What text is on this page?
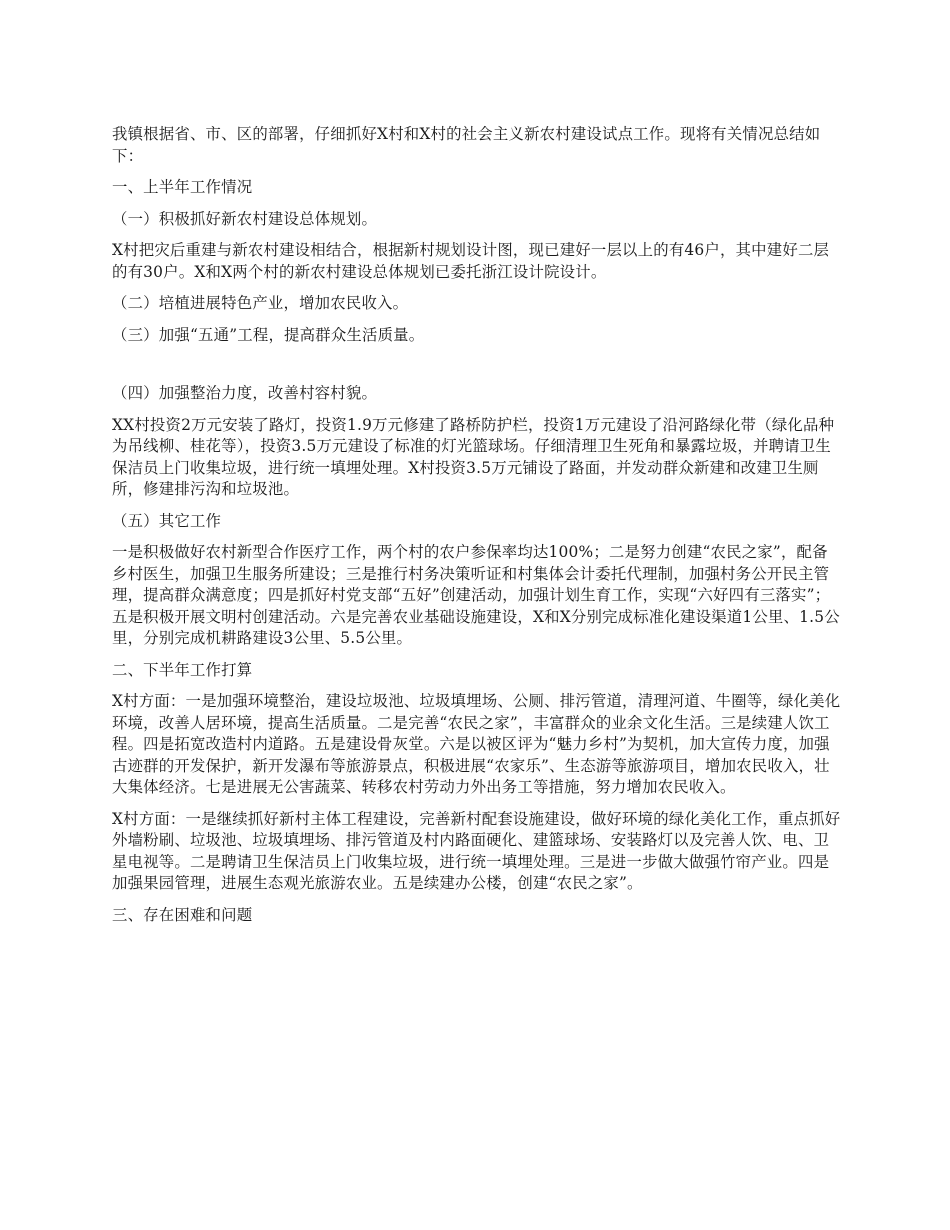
我镇根据省、市、区的部署，仔细抓好X村和X村的社会主义新农村建设试点工作。现将有关情况总结如下：

一、上半年工作情况

（一）积极抓好新农村建设总体规划。

X村把灾后重建与新农村建设相结合，根据新村规划设计图，现已建好一层以上的有46户，其中建好二层的有30户。X和X两个村的新农村建设总体规划已委托浙江设计院设计。

（二）培植进展特色产业，增加农民收入。

（三）加强“五通”工程，提高群众生活质量。

（四）加强整治力度，改善村容村貌。

XX村投资2万元安装了路灯，投资1.9万元修建了路桥防护栏，投资1万元建设了沿河路绿化带（绿化品种为吊线柳、桂花等），投资3.5万元建设了标准的灯光篮球场。仔细清理卫生死角和暴露垃圾，并聘请卫生保洁员上门收集垃圾，进行统一填埋处理。X村投资3.5万元铺设了路面，并发动群众新建和改建卫生厕所，修建排污沟和垃圾池。

（五）其它工作

一是积极做好农村新型合作医疗工作，两个村的农户参保率均达100%；二是努力创建“农民之家”，配备乡村医生，加强卫生服务所建设；三是推行村务决策听证和村集体会计委托代理制，加强村务公开民主管理，提高群众满意度；四是抓好村党支部“五好”创建活动，加强计划生育工作，实现“六好四有三落实”；五是积极开展文明村创建活动。六是完善农业基础设施建设，X和X分别完成标准化建设渠道1公里、1.5公里，分别完成机耕路建设3公里、5.5公里。

二、下半年工作打算

X村方面：一是加强环境整治，建设垃圾池、垃圾填埋场、公厕、排污管道，清理河道、牛圈等，绿化美化环境，改善人居环境，提高生活质量。二是完善“农民之家”，丰富群众的业余文化生活。三是续建人饮工程。四是拓宽改造村内道路。五是建设骨灰堂。六是以被区评为“魅力乡村”为契机，加大宣传力度，加强古迹群的开发保护，新开发瀑布等旅游景点，积极进展“农家乐”、生态游等旅游项目，增加农民收入，壮大集体经济。七是进展无公害蔬菜、转移农村劳动力外出务工等措施，努力增加农民收入。

X村方面：一是继续抓好新村主体工程建设，完善新村配套设施建设，做好环境的绿化美化工作，重点抓好外墙粉刷、垃圾池、垃圾填埋场、排污管道及村内路面硬化、建篮球场、安装路灯以及完善人饮、电、卫星电视等。二是聘请卫生保洁员上门收集垃圾，进行统一填埋处理。三是进一步做大做强竹帘产业。四是加强果园管理，进展生态观光旅游农业。五是续建办公楼，创建“农民之家”。

三、存在困难和问题
